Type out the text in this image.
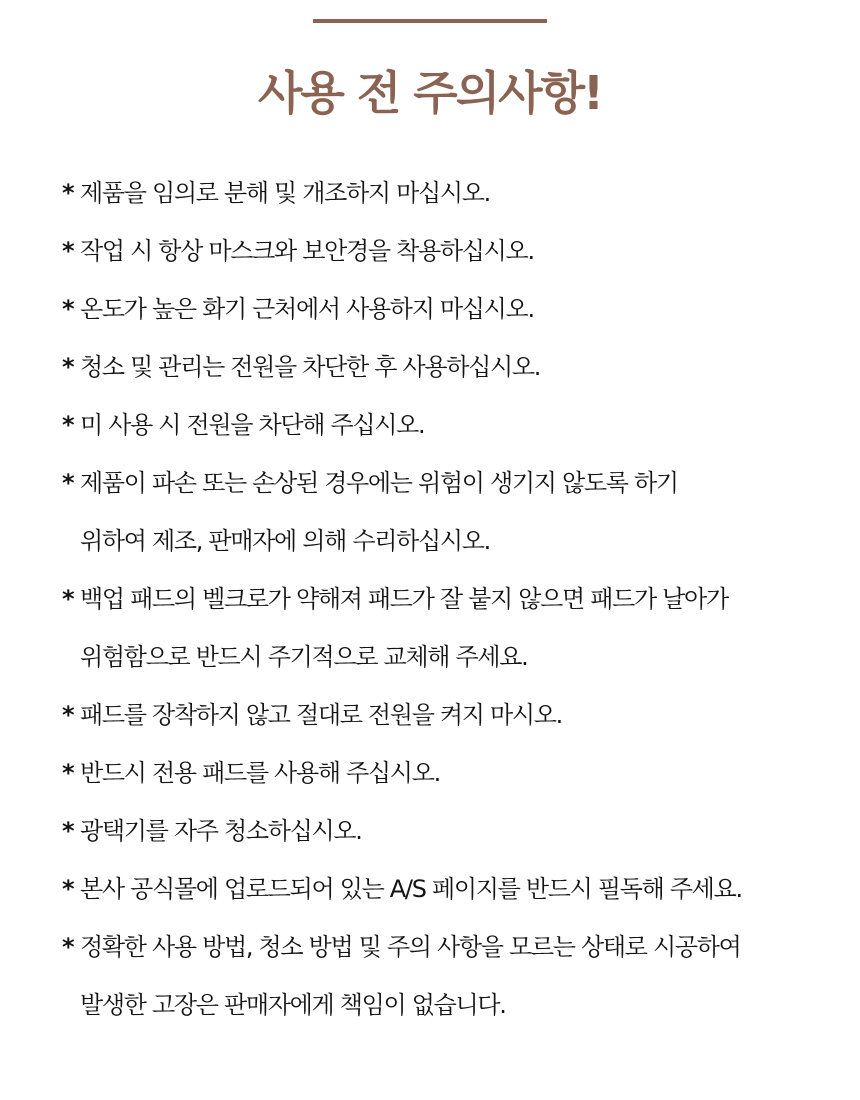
사용 전 주의사항!
* 제품을 임의로 분해 및 개조하지 마십시오.
* 작업 시 항상 마스크와 보안경을 착용하십시오.
* 온도가 높은 화기 근처에서 사용하지 마십시오.
* 청소 및 관리는 전원을 차단한 후 사용하십시오.
* 미 사용 시 전원을 차단해 주십시오.
* 제품이 파손 또는 손상된 경우에는 위험이 생기지 않도록 하기
위하여 제조, 판매자에 의해 수리하십시오.
* 백업 패드의 벨크로가 약해져 패드가 잘 붙지 않으면 패드가 날아가
위험함으로 반드시 주기적으로 교체해 주세요.
* 패드를 장착하지 않고 절대로 전원을 켜지 마시오.
* 반드시 전용 패드를 사용해 주십시오.
* 광택기를 자주 청소하십시오.
* 본사 공식몰에 업로드되어 있는 A/S 페이지를 반드시 필독해 주세요.
* 정확한 사용 방법, 청소 방법 및 주의 사항을 모르는 상태로 시공하여
발생한 고장은 판매자에게 책임이 없습니다.
